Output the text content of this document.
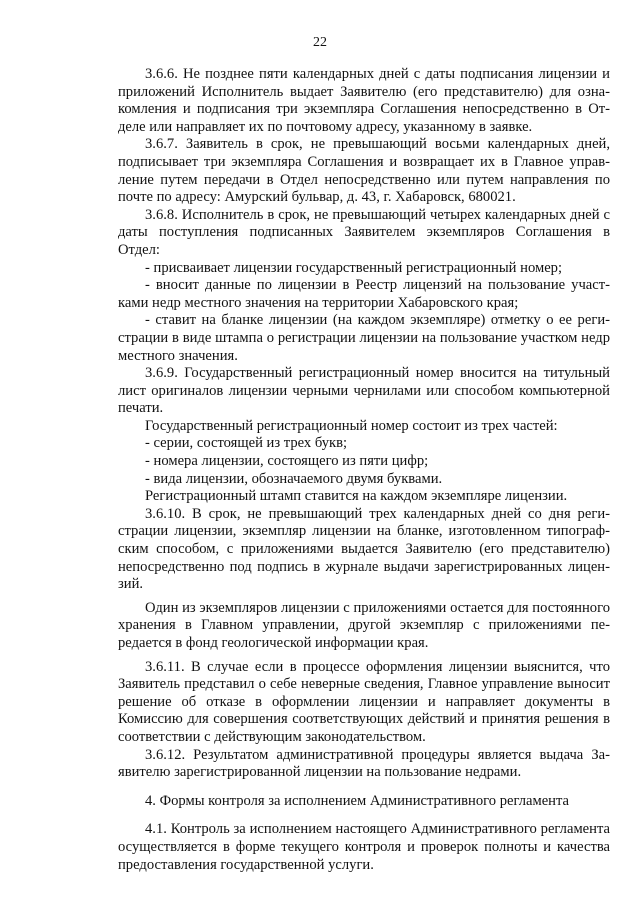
22

3.6.6. Не позднее пяти календарных дней с даты подписания лицензии и приложений Исполнитель выдает Заявителю (его представителю) для ознакомления и подписания три экземпляра Соглашения непосредственно в Отделе или направляет их по почтовому адресу, указанному в заявке.

3.6.7. Заявитель в срок, не превышающий восьми календарных дней, подписывает три экземпляра Соглашения и возвращает их в Главное управление путем передачи в Отдел непосредственно или путем направления по почте по адресу: Амурский бульвар, д. 43, г. Хабаровск, 680021.

3.6.8. Исполнитель в срок, не превышающий четырех календарных дней с даты поступления подписанных Заявителем экземпляров Соглашения в Отдел:

- присваивает лицензии государственный регистрационный номер;

- вносит данные по лицензии в Реестр лицензий на пользование участками недр местного значения на территории Хабаровского края;

- ставит на бланке лицензии (на каждом экземпляре) отметку о ее регистрации в виде штампа о регистрации лицензии на пользование участком недр местного значения.

3.6.9. Государственный регистрационный номер вносится на титульный лист оригиналов лицензии черными чернилами или способом компьютерной печати.

Государственный регистрационный номер состоит из трех частей:

- серии, состоящей из трех букв;

- номера лицензии, состоящего из пяти цифр;

- вида лицензии, обозначаемого двумя буквами.

Регистрационный штамп ставится на каждом экземпляре лицензии.

3.6.10. В срок, не превышающий трех календарных дней со дня регистрации лицензии, экземпляр лицензии на бланке, изготовленном типографским способом, с приложениями выдается Заявителю (его представителю) непосредственно под подпись в журнале выдачи зарегистрированных лицензий.

Один из экземпляров лицензии с приложениями остается для постоянного хранения в Главном управлении, другой экземпляр с приложениями передается в фонд геологической информации края.

3.6.11. В случае если в процессе оформления лицензии выяснится, что Заявитель представил о себе неверные сведения, Главное управление выносит решение об отказе в оформлении лицензии и направляет документы в Комиссию для совершения соответствующих действий и принятия решения в соответствии с действующим законодательством.

3.6.12. Результатом административной процедуры является выдача Заявителю зарегистрированной лицензии на пользование недрами.

4. Формы контроля за исполнением Административного регламента

4.1. Контроль за исполнением настоящего Административного регламента осуществляется в форме текущего контроля и проверок полноты и качества предоставления государственной услуги.
